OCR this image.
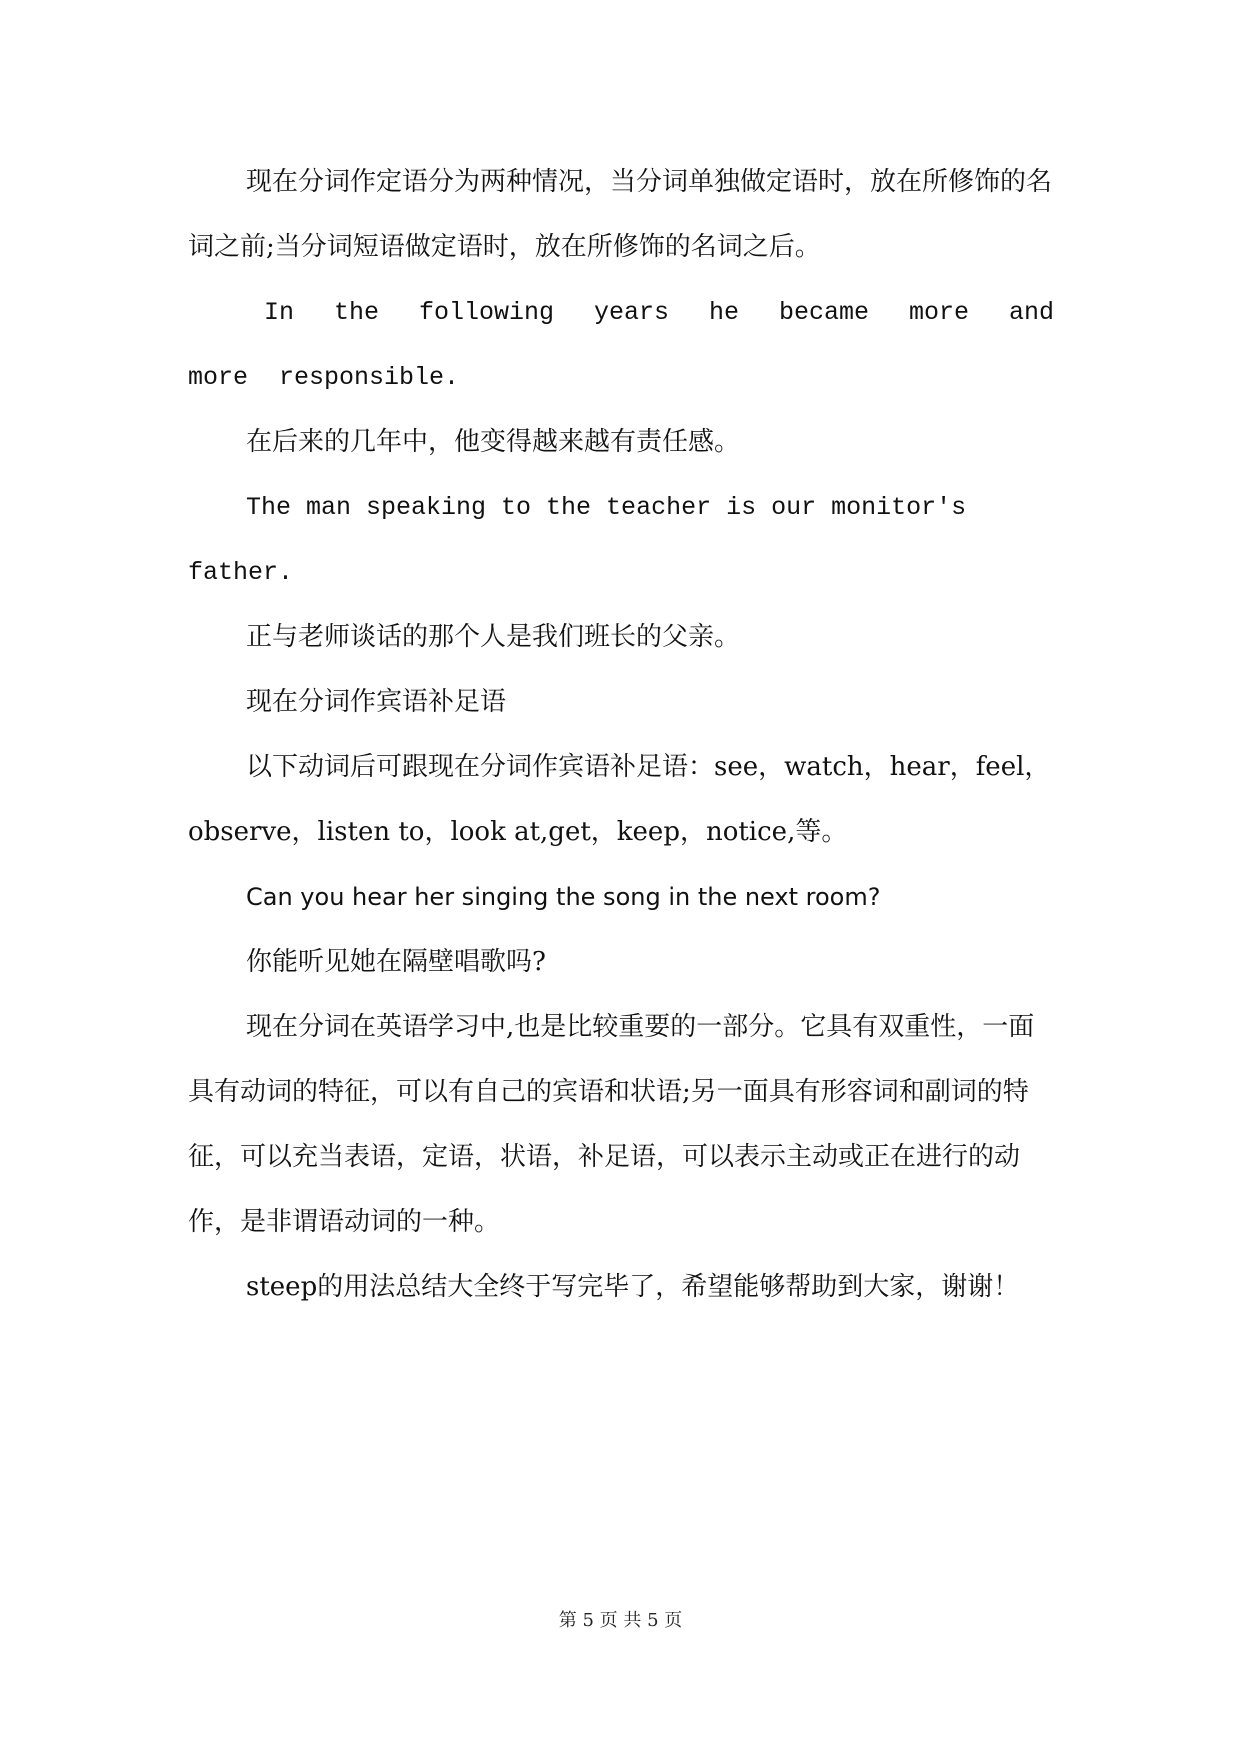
现在分词作定语分为两种情况，当分词单独做定语时，放在所修饰的名词之前;当分词短语做定语时，放在所修饰的名词之后。

In the following years he became more and more responsible.

在后来的几年中，他变得越来越有责任感。

The man speaking to the teacher is our monitor's father.

正与老师谈话的那个人是我们班长的父亲。

现在分词作宾语补足语

以下动词后可跟现在分词作宾语补足语：see，watch，hear，feel，observe，listen to，look at,get，keep，notice,等。

Can you hear her singing the song in the next room?

你能听见她在隔壁唱歌吗?

现在分词在英语学习中,也是比较重要的一部分。它具有双重性，一面具有动词的特征，可以有自己的宾语和状语;另一面具有形容词和副词的特征，可以充当表语，定语，状语，补足语，可以表示主动或正在进行的动作，是非谓语动词的一种。

steep的用法总结大全终于写完毕了，希望能够帮助到大家，谢谢！

第 5 页 共 5 页
